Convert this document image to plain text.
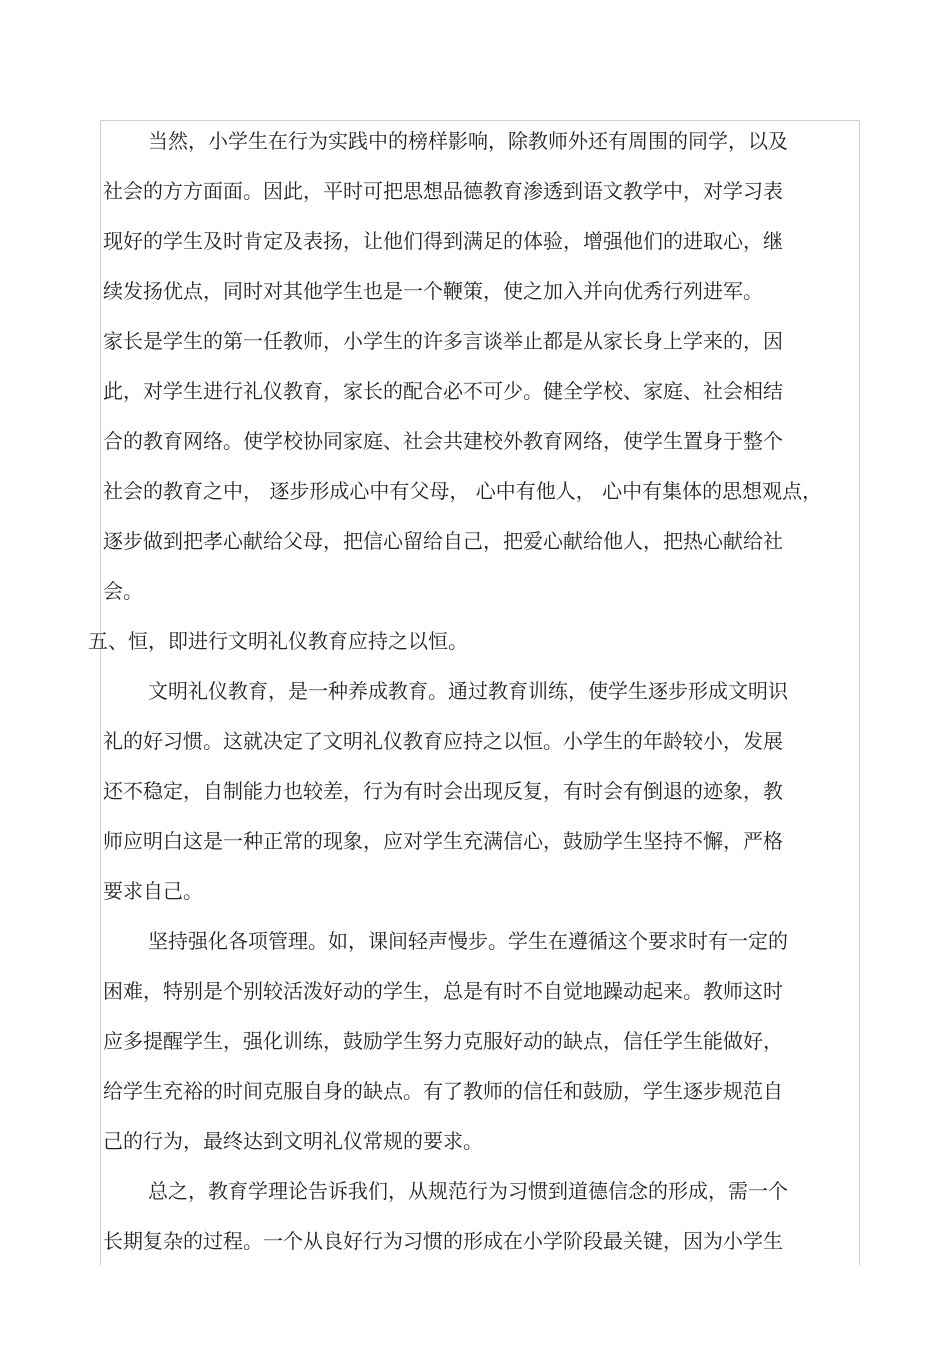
当然，小学生在行为实践中的榜样影响，除教师外还有周围的同学，以及
社会的方方面面。因此，平时可把思想品德教育渗透到语文教学中，对学习表
现好的学生及时肯定及表扬，让他们得到满足的体验，增强他们的进取心，继
续发扬优点，同时对其他学生也是一个鞭策，使之加入并向优秀行列进军。
家长是学生的第一任教师，小学生的许多言谈举止都是从家长身上学来的，因
此，对学生进行礼仪教育，家长的配合必不可少。健全学校、家庭、社会相结
合的教育网络。使学校协同家庭、社会共建校外教育网络，使学生置身于整个
社会的教育之中， 逐步形成心中有父母， 心中有他人， 心中有集体的思想观点，
逐步做到把孝心献给父母，把信心留给自己，把爱心献给他人，把热心献给社
会。
五、恒，即进行文明礼仪教育应持之以恒。
文明礼仪教育，是一种养成教育。通过教育训练，使学生逐步形成文明识
礼的好习惯。这就决定了文明礼仪教育应持之以恒。小学生的年龄较小，发展
还不稳定，自制能力也较差，行为有时会出现反复，有时会有倒退的迹象，教
师应明白这是一种正常的现象，应对学生充满信心，鼓励学生坚持不懈，严格
要求自己。
坚持强化各项管理。如，课间轻声慢步。学生在遵循这个要求时有一定的
困难，特别是个别较活泼好动的学生，总是有时不自觉地躁动起来。教师这时
应多提醒学生，强化训练，鼓励学生努力克服好动的缺点，信任学生能做好，
给学生充裕的时间克服自身的缺点。有了教师的信任和鼓励，学生逐步规范自
己的行为，最终达到文明礼仪常规的要求。
总之，教育学理论告诉我们，从规范行为习惯到道德信念的形成，需一个
长期复杂的过程。一个从良好行为习惯的形成在小学阶段最关键，因为小学生
